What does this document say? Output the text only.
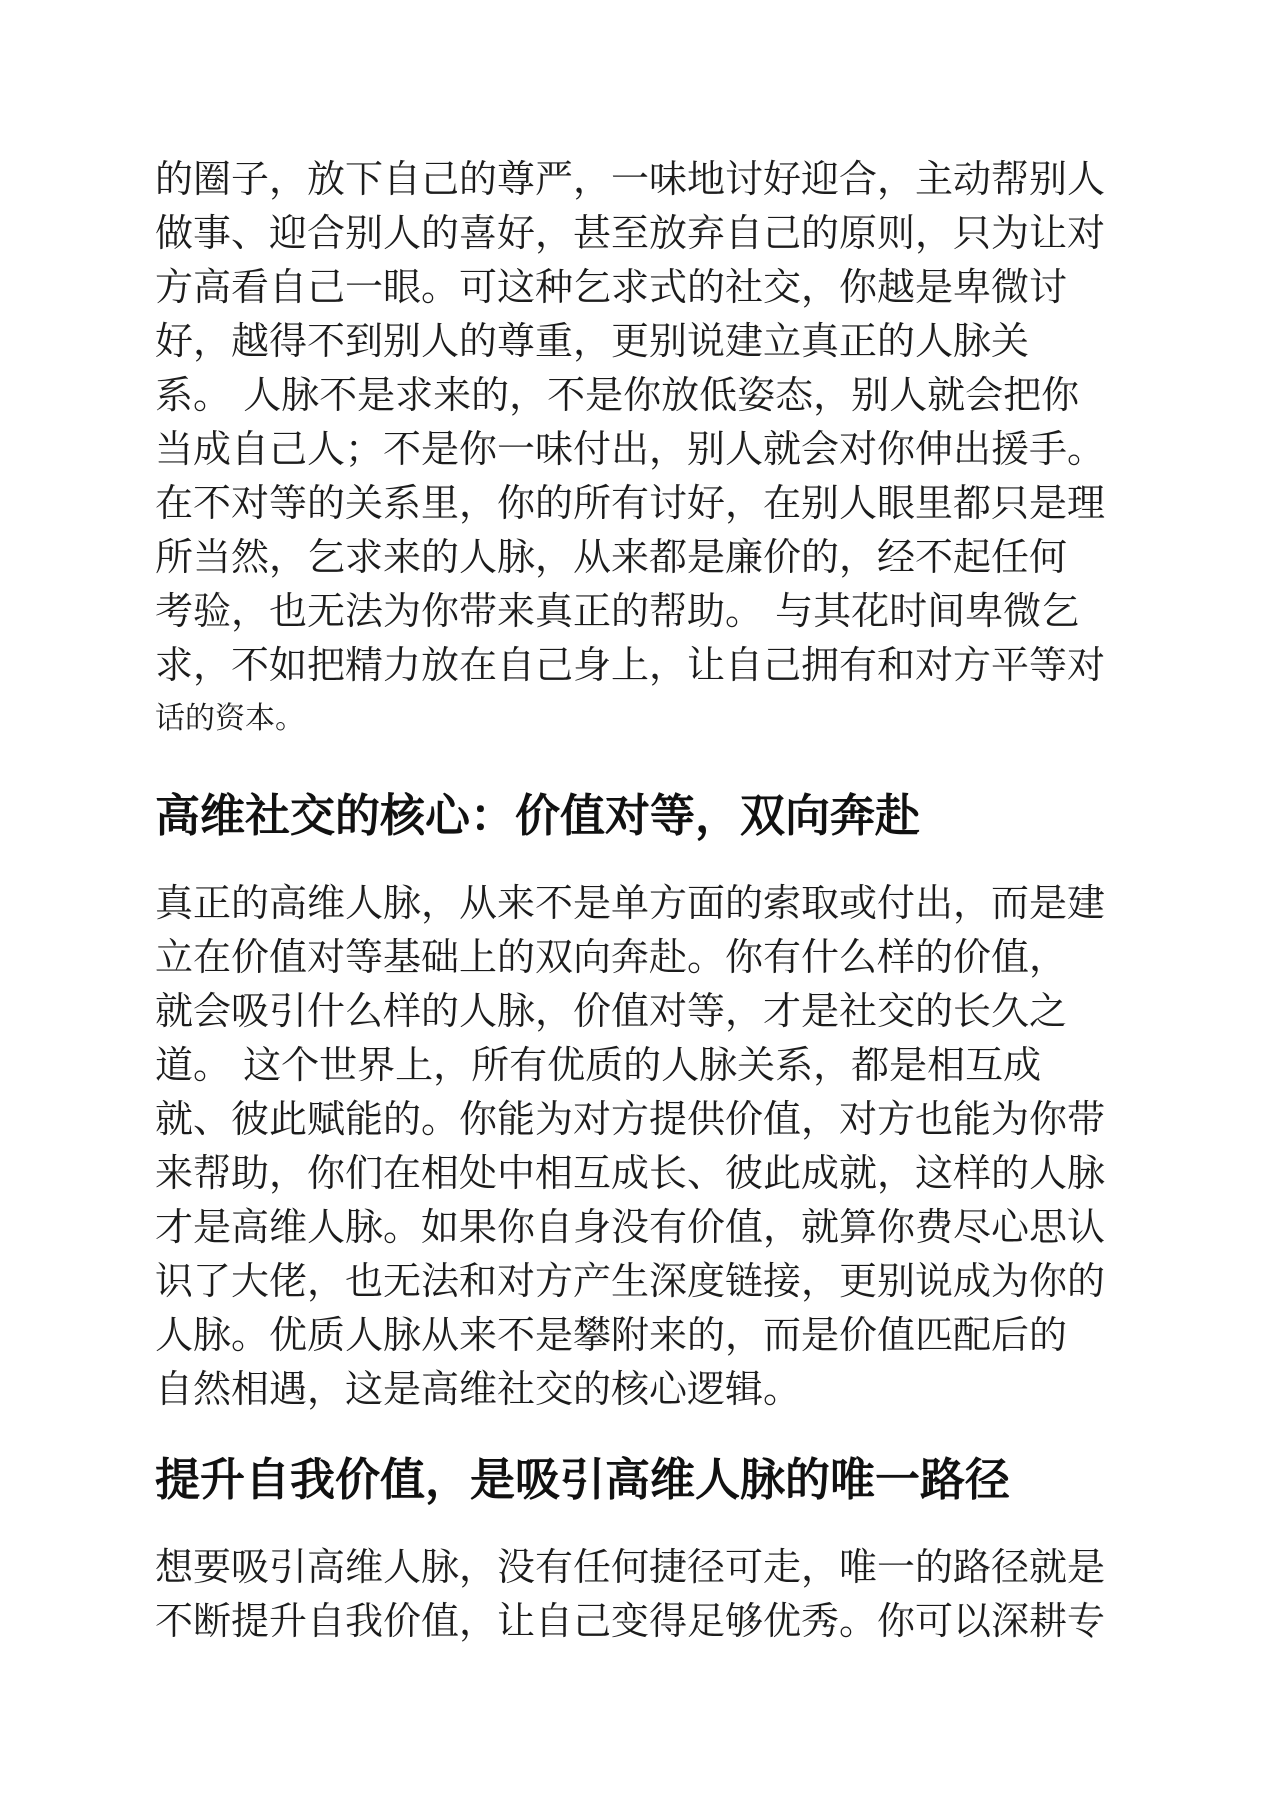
的圈子，放下自己的尊严，一味地讨好迎合，主动帮别人
做事、迎合别人的喜好，甚至放弃自己的原则，只为让对
方高看自己一眼。可这种乞求式的社交，你越是卑微讨
好，越得不到别人的尊重，更别说建立真正的人脉关
系。 人脉不是求来的，不是你放低姿态，别人就会把你
当成自己人；不是你一味付出，别人就会对你伸出援手。
在不对等的关系里，你的所有讨好，在别人眼里都只是理
所当然，乞求来的人脉，从来都是廉价的，经不起任何
考验，也无法为你带来真正的帮助。 与其花时间卑微乞
求，不如把精力放在自己身上，让自己拥有和对方平等对
话的资本。
高维社交的核心：价值对等，双向奔赴
真正的高维人脉，从来不是单方面的索取或付出，而是建
立在价值对等基础上的双向奔赴。你有什么样的价值，
就会吸引什么样的人脉，价值对等，才是社交的长久之
道。 这个世界上，所有优质的人脉关系，都是相互成
就、彼此赋能的。你能为对方提供价值，对方也能为你带
来帮助，你们在相处中相互成长、彼此成就，这样的人脉
才是高维人脉。如果你自身没有价值，就算你费尽心思认
识了大佬，也无法和对方产生深度链接，更别说成为你的
人脉。优质人脉从来不是攀附来的，而是价值匹配后的
自然相遇，这是高维社交的核心逻辑。
提升自我价值，是吸引高维人脉的唯一路径
想要吸引高维人脉，没有任何捷径可走，唯一的路径就是
不断提升自我价值，让自己变得足够优秀。你可以深耕专
